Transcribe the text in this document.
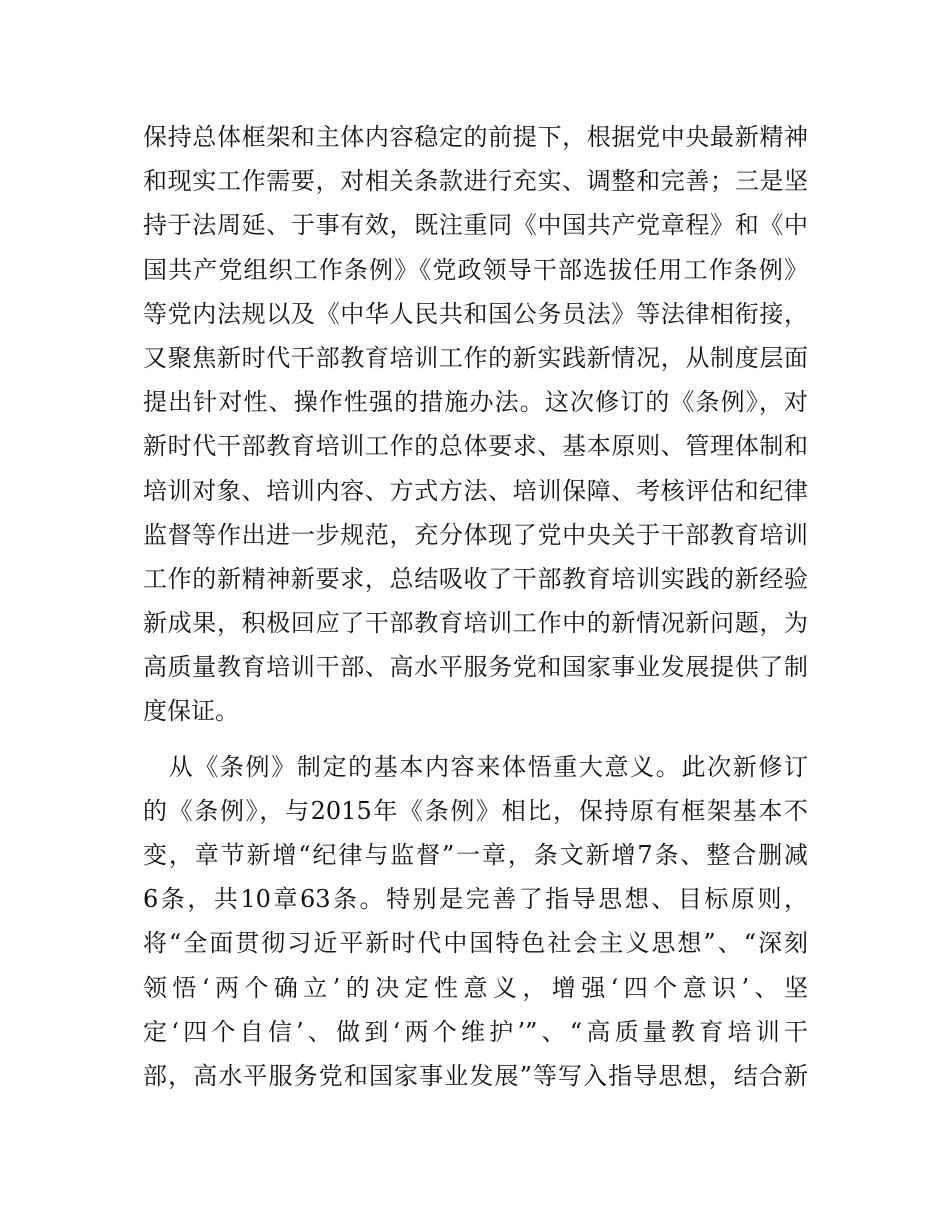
保持总体框架和主体内容稳定的前提下，根据党中央最新精神
和现实工作需要，对相关条款进行充实、调整和完善；三是坚
持于法周延、于事有效，既注重同《中国共产党章程》和《中
国共产党组织工作条例》《党政领导干部选拔任用工作条例》
等党内法规以及《中华人民共和国公务员法》等法律相衔接，
又聚焦新时代干部教育培训工作的新实践新情况，从制度层面
提出针对性、操作性强的措施办法。这次修订的《条例》，对
新时代干部教育培训工作的总体要求、基本原则、管理体制和
培训对象、培训内容、方式方法、培训保障、考核评估和纪律
监督等作出进一步规范，充分体现了党中央关于干部教育培训
工作的新精神新要求，总结吸收了干部教育培训实践的新经验
新成果，积极回应了干部教育培训工作中的新情况新问题，为
高质量教育培训干部、高水平服务党和国家事业发展提供了制
度保证。
　从《条例》制定的基本内容来体悟重大意义。此次新修订
的《条例》，与2015年《条例》相比，保持原有框架基本不
变，章节新增“纪律与监督”一章，条文新增7条、整合删减
6条，共10章63条。特别是完善了指导思想、目标原则，
将“全面贯彻习近平新时代中国特色社会主义思想”、“深刻
领悟‘两个确立’的决定性意义，增强‘四个意识’、坚
定‘四个自信’、做到‘两个维护’”、“高质量教育培训干
部，高水平服务党和国家事业发展”等写入指导思想，结合新
